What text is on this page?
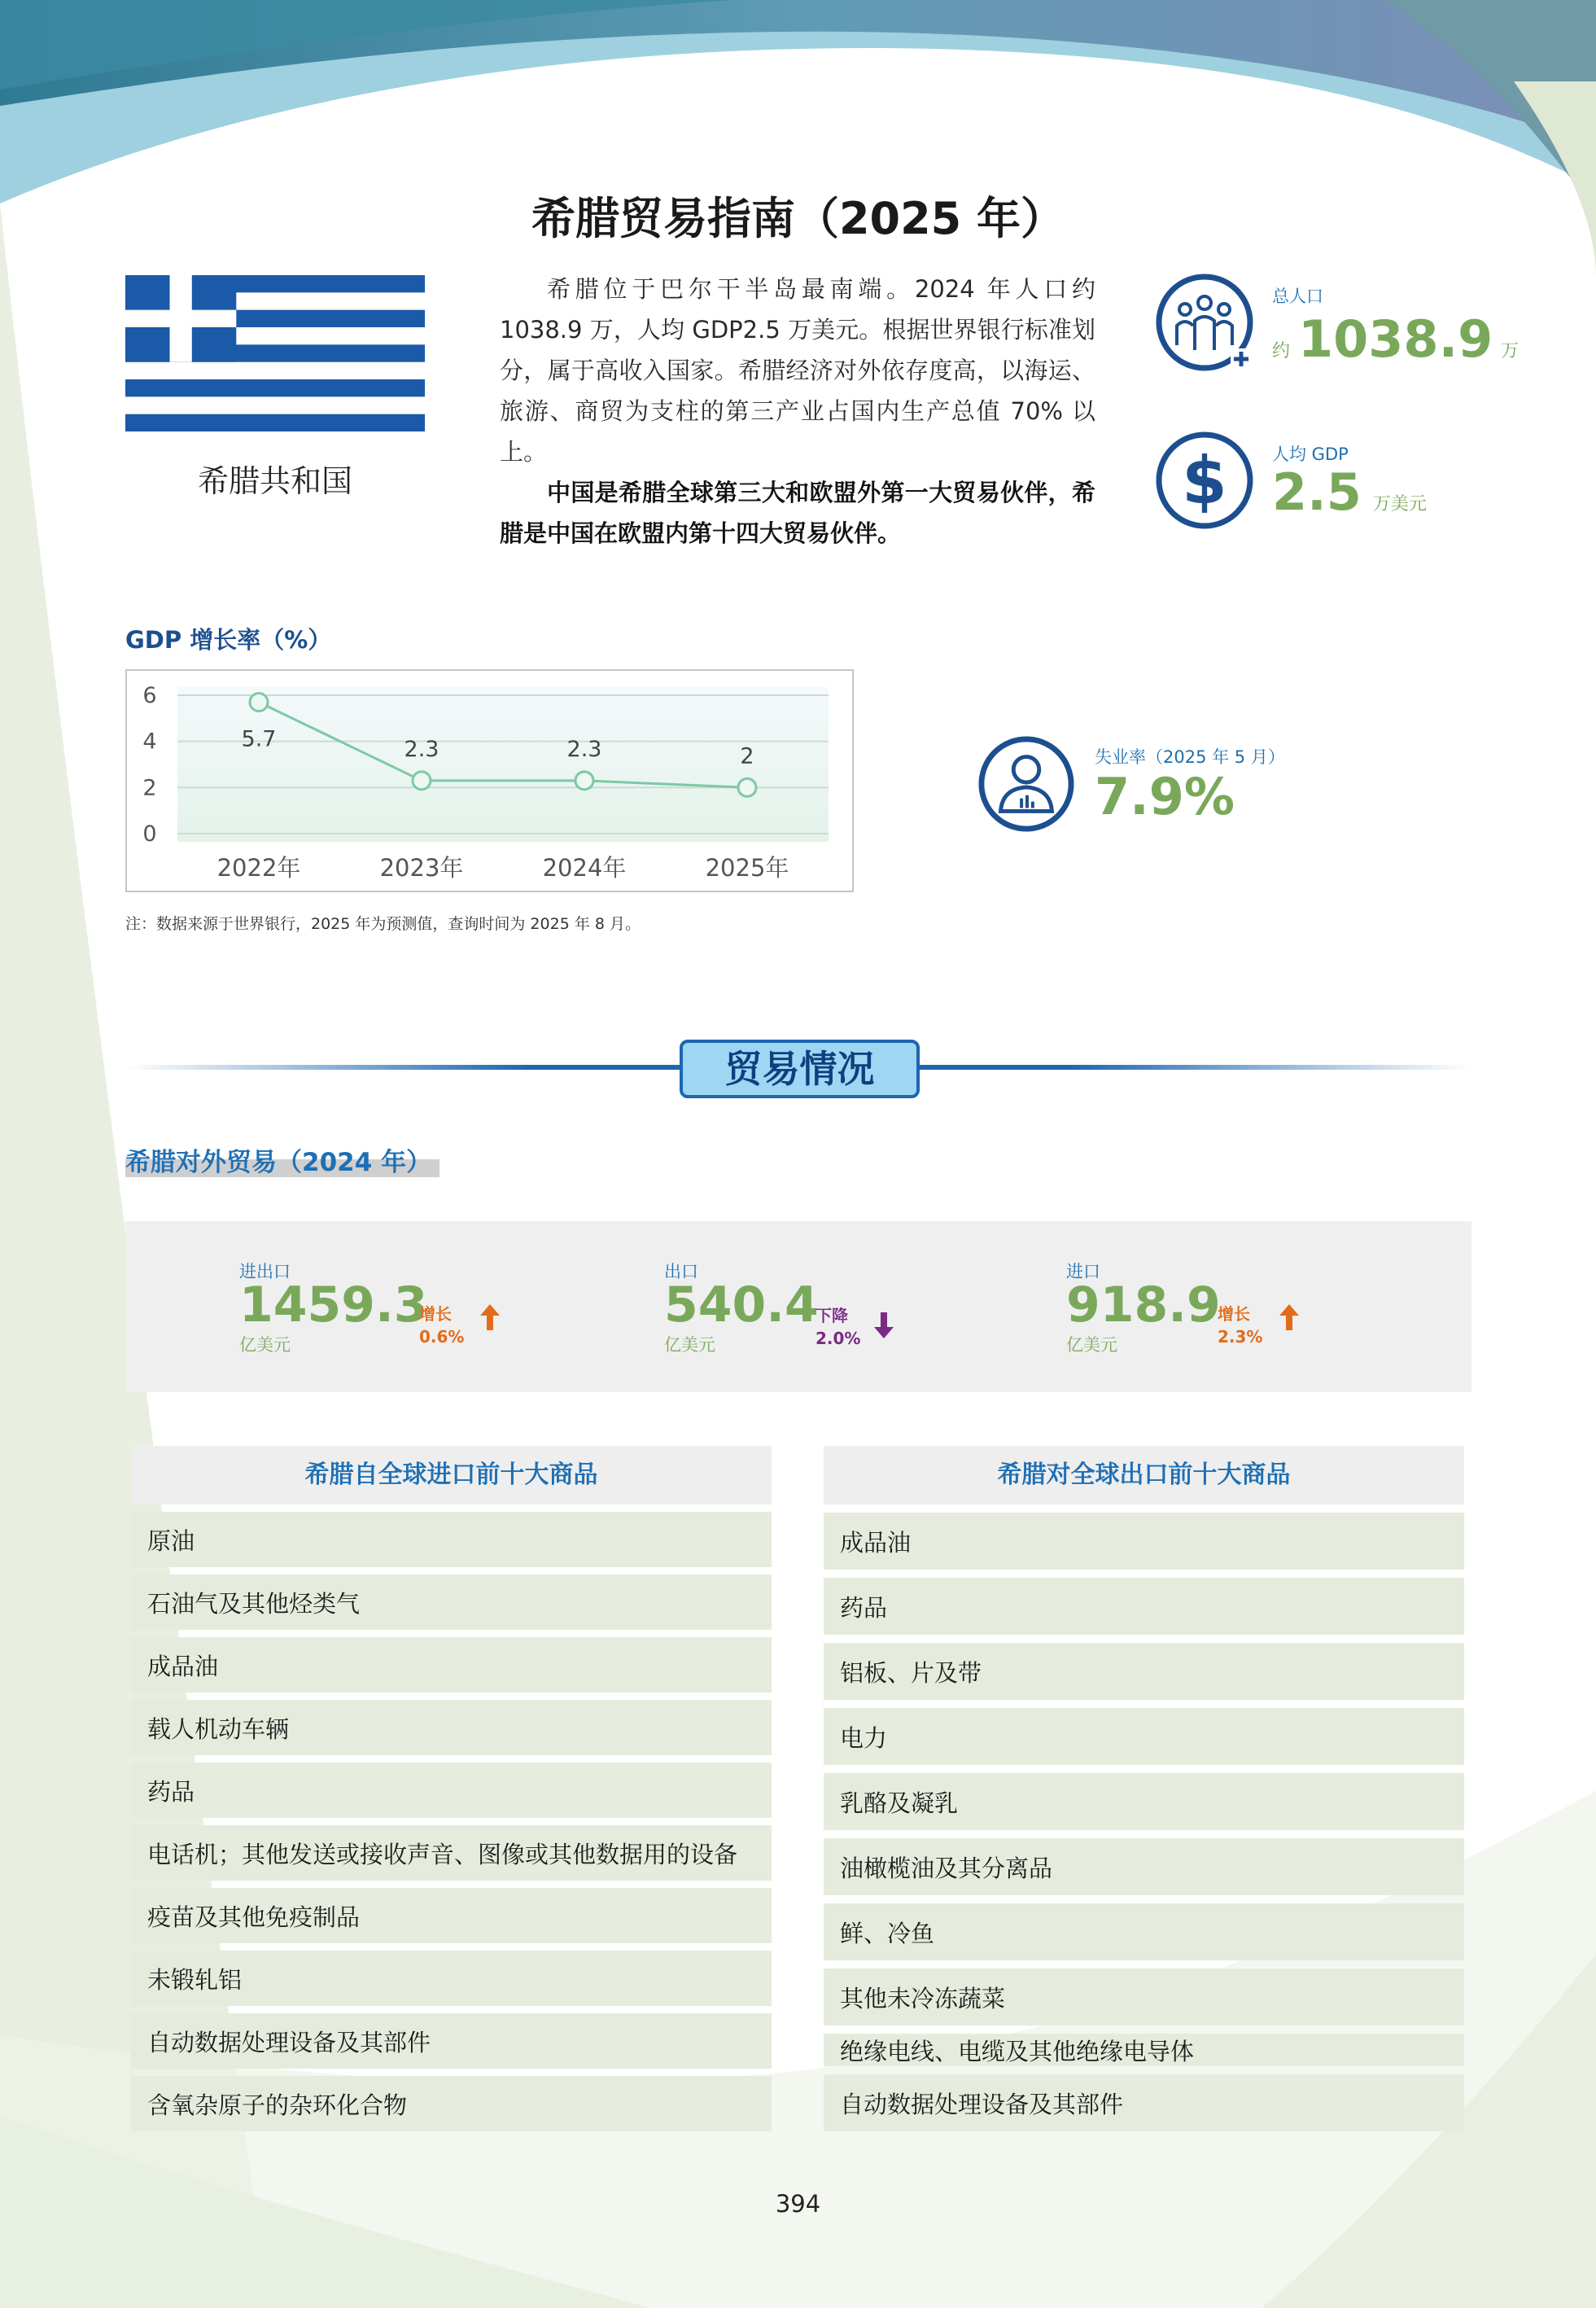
希腊贸易指南（2025 年）
希腊共和国

希腊位于巴尔干半岛最南端。2024 年人口约 1038.9 万，人均 GDP2.5 万美元。根据世界银行标准划分，属于高收入国家。希腊经济对外依存度高，以海运、旅游、商贸为支柱的第三产业占国内生产总值 70% 以上。

中国是希腊全球第三大和欧盟外第一大贸易伙伴，希腊是中国在欧盟内第十四大贸易伙伴。

总人口
约 1038.9 万
$	人均 GDP
2.5 万美元
GDP 增长率（%）
0
2
4
6
2022年	2023年	2024年	2025年
5.7	2.3	2.3	2
注：数据来源于世界银行，2025 年为预测值，查询时间为 2025 年 8 月。
失业率（2025 年 5 月）
7.9%
贸易情况
希腊对外贸易（2024 年）
进出口
1459.3
亿美元
增长
0.6%
出口
540.4
亿美元
下降
2.0%
进口
918.9
亿美元
增长
2.3%
希腊自全球进口前十大商品
原油
石油气及其他烃类气
成品油
载人机动车辆
药品
电话机；其他发送或接收声音、图像或其他数据用的设备
疫苗及其他免疫制品
未锻轧铝
自动数据处理设备及其部件
含氧杂原子的杂环化合物
希腊对全球出口前十大商品
成品油
药品
铝板、片及带
电力
乳酪及凝乳
油橄榄油及其分离品
鲜、冷鱼
其他未冷冻蔬菜
绝缘电线、电缆及其他绝缘电导体
自动数据处理设备及其部件
394
